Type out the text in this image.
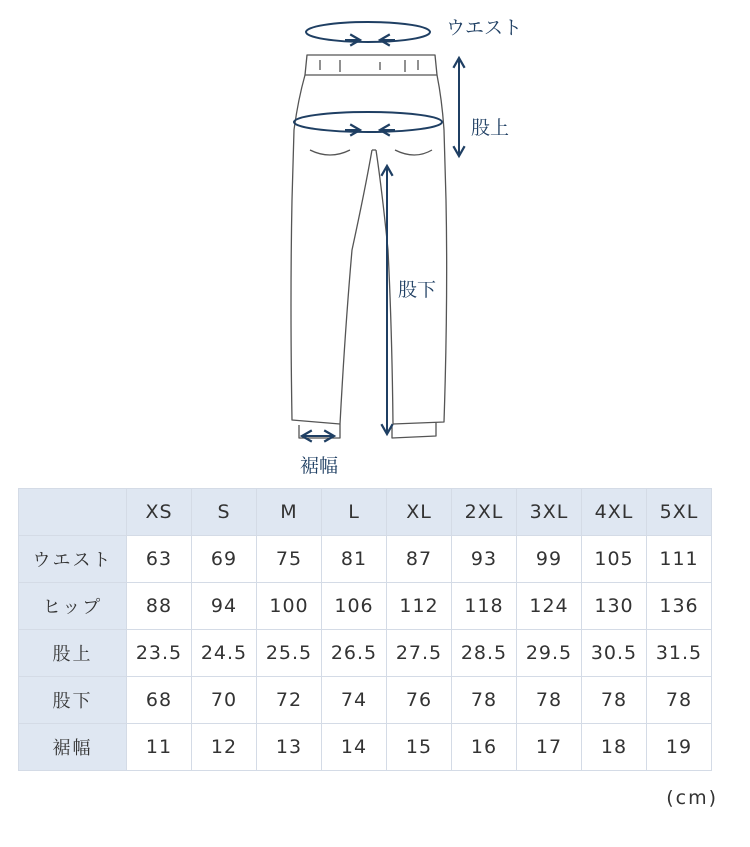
ウエスト
股上
股下
裾幅
	XS	S	M	L	XL	2XL	3XL	4XL	5XL
ウエスト	63	69	75	81	87	93	99	105	111
ヒップ	88	94	100	106	112	118	124	130	136
股上	23.5	24.5	25.5	26.5	27.5	28.5	29.5	30.5	31.5
股下	68	70	72	74	76	78	78	78	78
裾幅	11	12	13	14	15	16	17	18	19
(cm)
